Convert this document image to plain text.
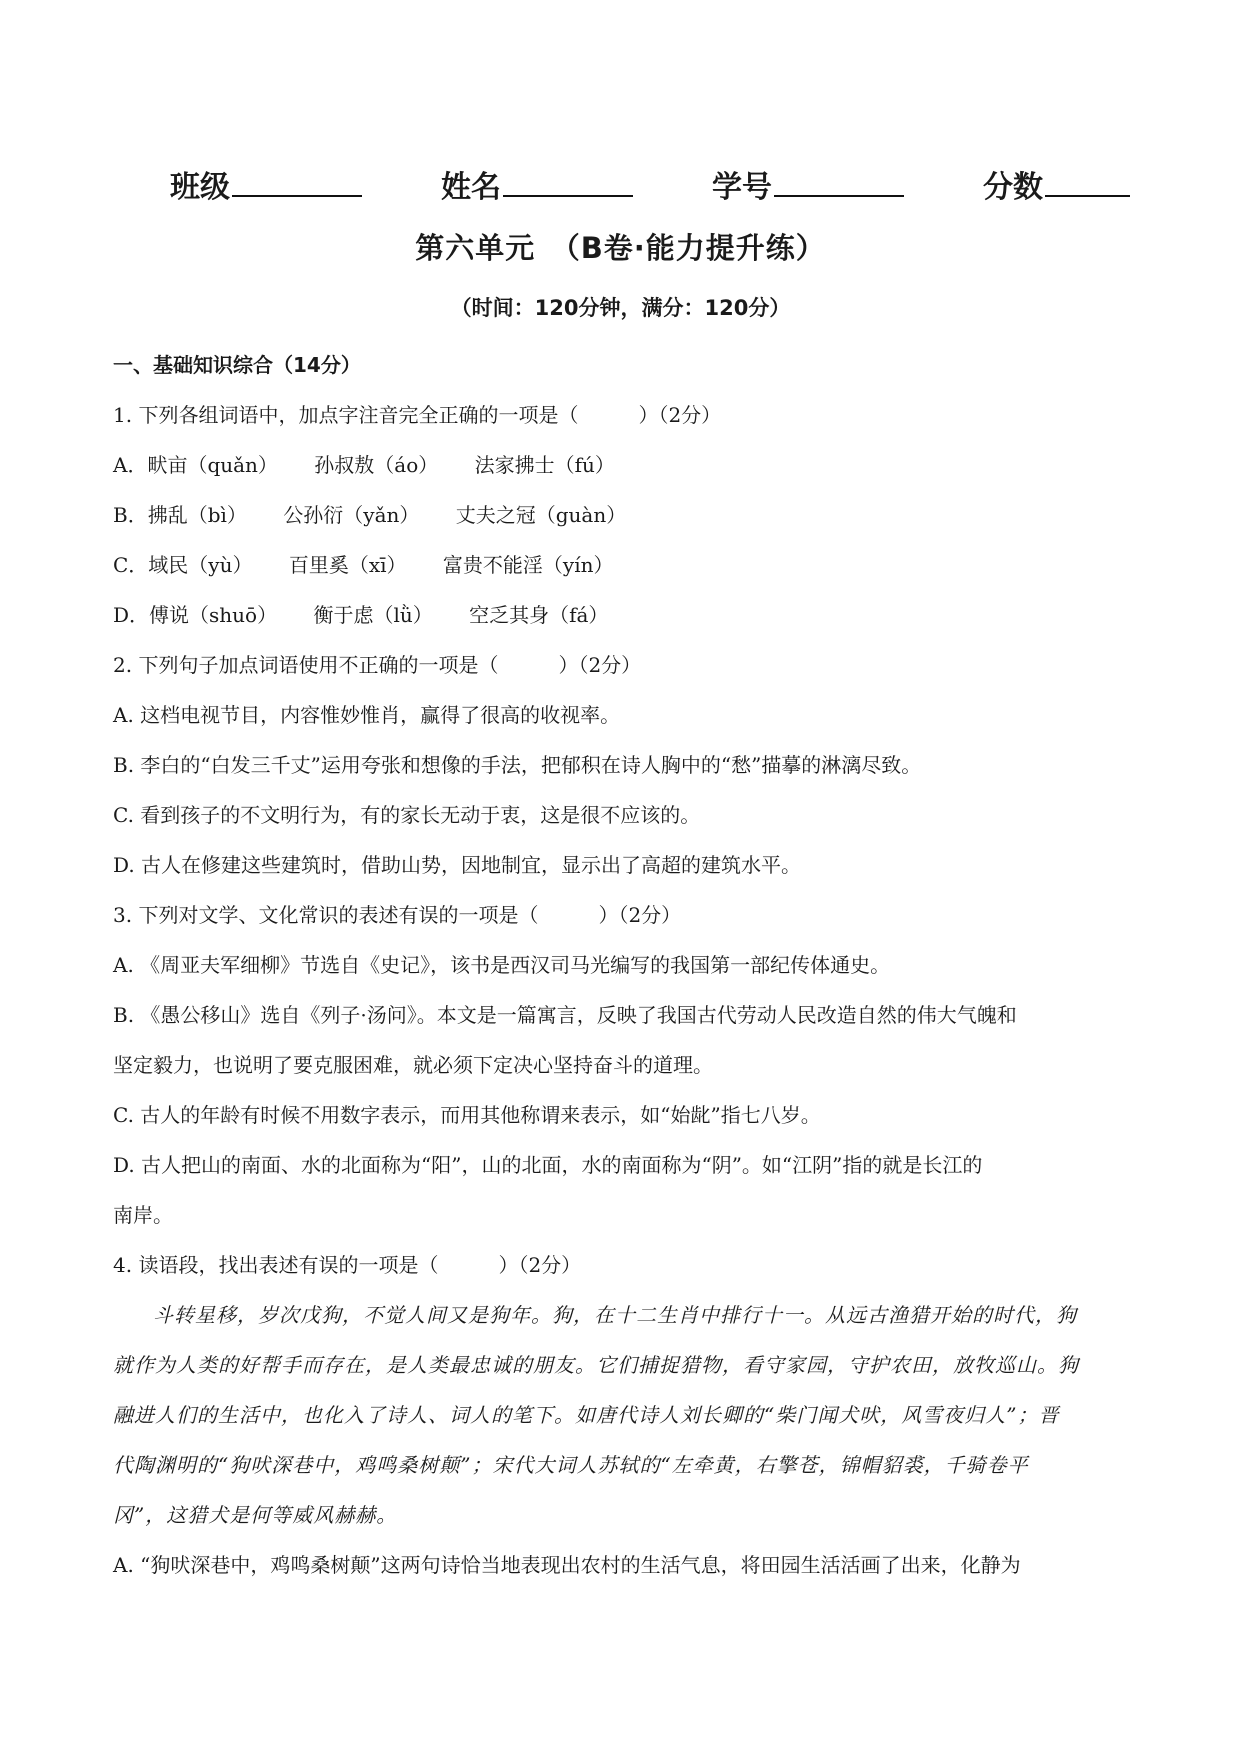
班级	姓名	学号	分数
第六单元　（B卷·能力提升练）
（时间：120分钟，满分：120分）

一、基础知识综合（14分）

1. 下列各组词语中，加点字注音完全正确的一项是（　　　）（2分）

A．畎亩（quǎn） 孙叔敖（áo） 法家拂士（fú）

B．拂乱（bì） 公孙衍（yǎn） 丈夫之冠（guàn）

C．域民（yù） 百里奚（xī） 富贵不能淫（yín）

D．傅说（shuō） 衡于虑（lǜ） 空乏其身（fá）

2. 下列句子加点词语使用不正确的一项是（　　　）（2分）

A. 这档电视节目，内容惟妙惟肖，赢得了很高的收视率。

B. 李白的“白发三千丈”运用夸张和想像的手法，把郁积在诗人胸中的“愁”描摹的淋漓尽致。

C. 看到孩子的不文明行为，有的家长无动于衷，这是很不应该的。

D. 古人在修建这些建筑时，借助山势，因地制宜，显示出了高超的建筑水平。

3. 下列对文学、文化常识的表述有误的一项是（　　　）（2分）

A. 《周亚夫军细柳》节选自《史记》，该书是西汉司马光编写的我国第一部纪传体通史。

B. 《愚公移山》选自《列子·汤问》。本文是一篇寓言，反映了我国古代劳动人民改造自然的伟大气魄和

坚定毅力，也说明了要克服困难，就必须下定决心坚持奋斗的道理。

C. 古人的年龄有时候不用数字表示，而用其他称谓来表示，如“始龀”指七八岁。

D. 古人把山的南面、水的北面称为“阳”，山的北面，水的南面称为“阴”。如“江阴”指的就是长江的

南岸。

4. 读语段，找出表述有误的一项是（　　　）（2分）

斗转星移，岁次戊狗，不觉人间又是狗年。狗，在十二生肖中排行十一。从远古渔猎开始的时代，狗

就作为人类的好帮手而存在，是人类最忠诚的朋友。它们捕捉猎物，看守家园，守护农田，放牧巡山。狗

融进人们的生活中，也化入了诗人、词人的笔下。如唐代诗人刘长卿的“柴门闻犬吠，风雪夜归人”；晋

代陶渊明的“狗吠深巷中，鸡鸣桑树颠”；宋代大词人苏轼的“左牵黄，右擎苍，锦帽貂裘，千骑卷平

冈”，这猎犬是何等威风赫赫。

A. “狗吠深巷中，鸡鸣桑树颠”这两句诗恰当地表现出农村的生活气息，将田园生活活画了出来，化静为
